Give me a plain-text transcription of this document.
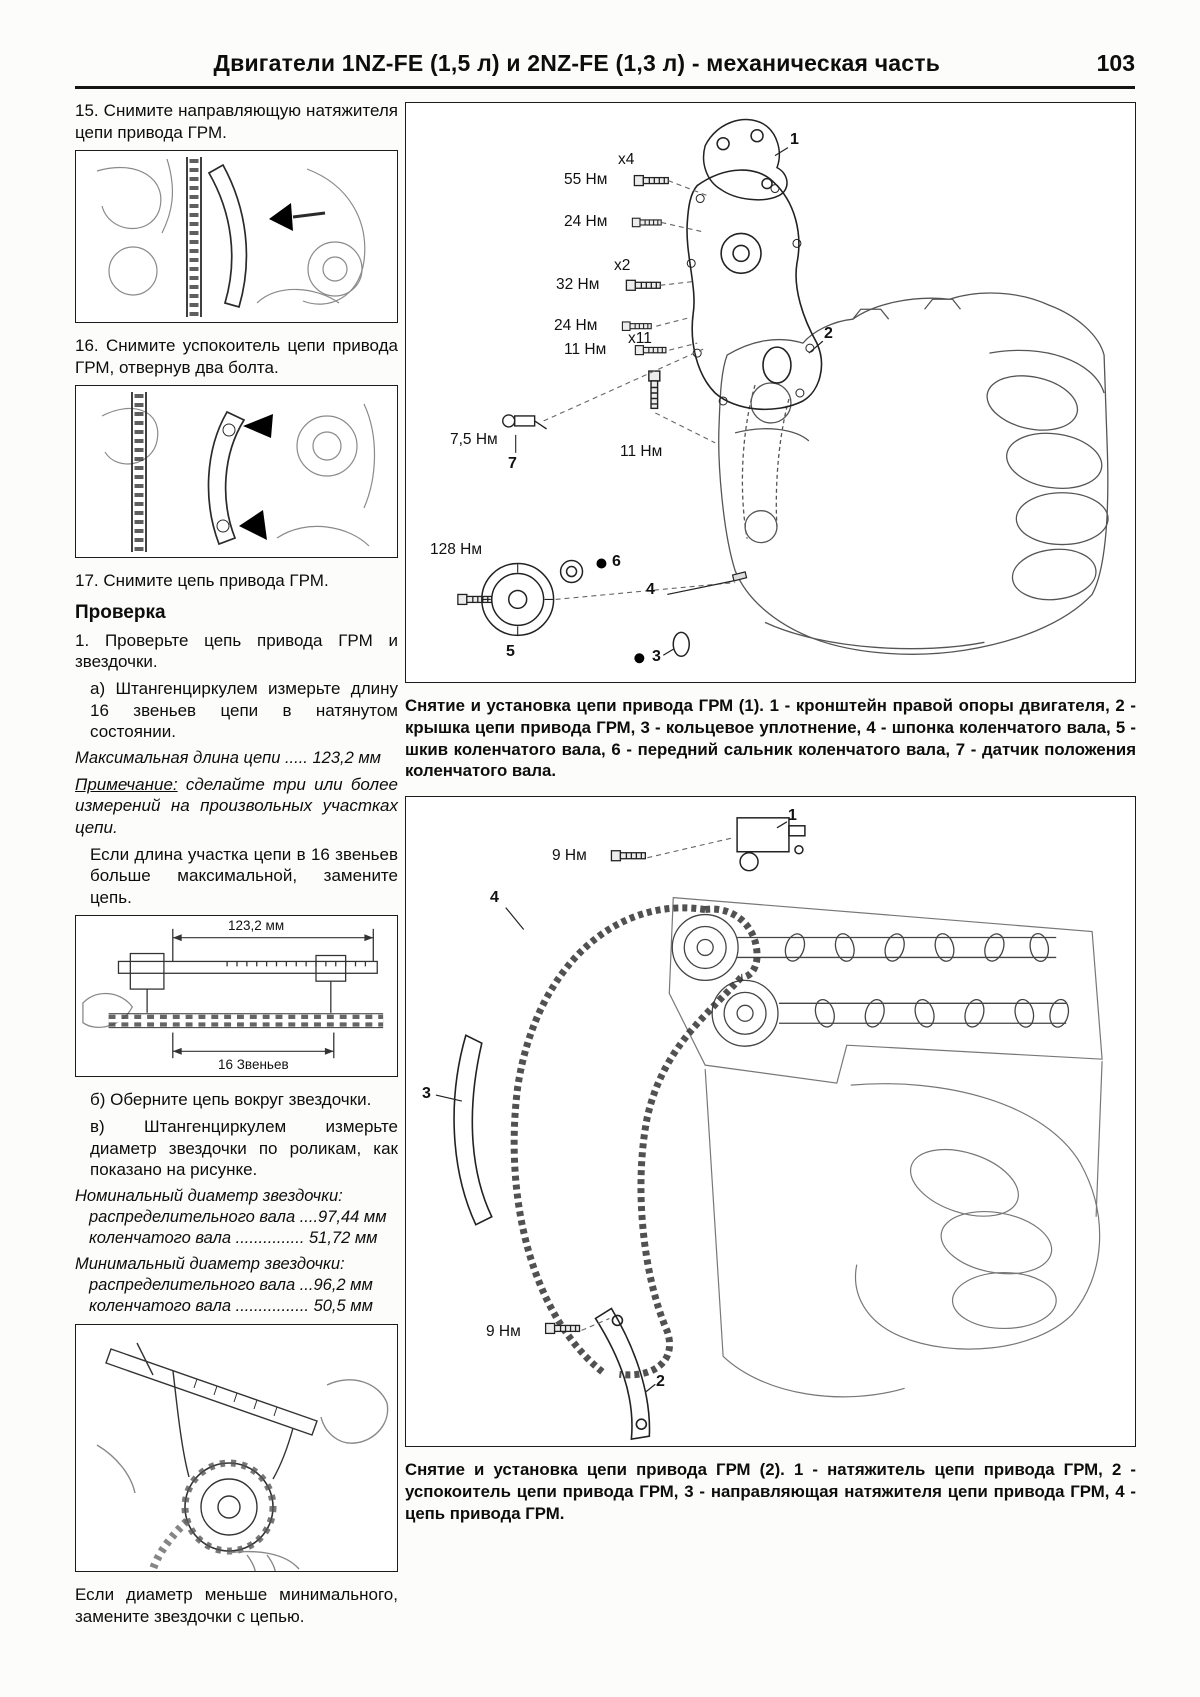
Двигатели 1NZ-FE (1,5 л) и 2NZ-FE (1,3 л) - механическая часть	103

15. Снимите направляющую натяжителя цепи привода ГРМ.

16. Снимите успокоитель цепи привода ГРМ, отвернув два болта.

17. Снимите цепь привода ГРМ.

Проверка

1. Проверьте цепь привода ГРМ и звездочки.

а) Штангенциркулем измерьте длину 16 звеньев цепи в натянутом состоянии.

Максимальная длина цепи ..... 123,2 мм

Примечание: сделайте три или более измерений на произвольных участках цепи.

Если длина участка цепи в 16 звеньев больше максимальной, замените цепь.

123,2 мм
16 Звеньев

б) Оберните цепь вокруг звездочки.

в) Штангенциркулем измерьте диаметр звездочки по роликам, как показано на рисунке.

Номинальный диаметр звездочки:
распределительного вала ....97,44 мм
коленчатого вала ............... 51,72 мм

Минимальный диаметр звездочки:
распределительного вала ...96,2 мм
коленчатого вала ................ 50,5 мм

Если диаметр меньше минимального, замените звездочки с цепью.

x4
55 Нм
24 Нм
x2
32 Нм
24 Нм
x11
11 Нм
7,5 Нм
11 Нм
128 Нм
1
2
3
4
5
6
7

Снятие и установка цепи привода ГРМ (1). 1 - кронштейн правой опоры двигателя, 2 - крышка цепи привода ГРМ, 3 - кольцевое уплотнение, 4 - шпонка коленчатого вала, 5 - шкив коленчатого вала, 6 - передний сальник коленчатого вала, 7 - датчик положения коленчатого вала.

9 Нм
9 Нм
1
2
3
4

Снятие и установка цепи привода ГРМ (2). 1 - натяжитель цепи привода ГРМ, 2 - успокоитель цепи привода ГРМ, 3 - направляющая натяжителя цепи привода ГРМ, 4 - цепь привода ГРМ.
